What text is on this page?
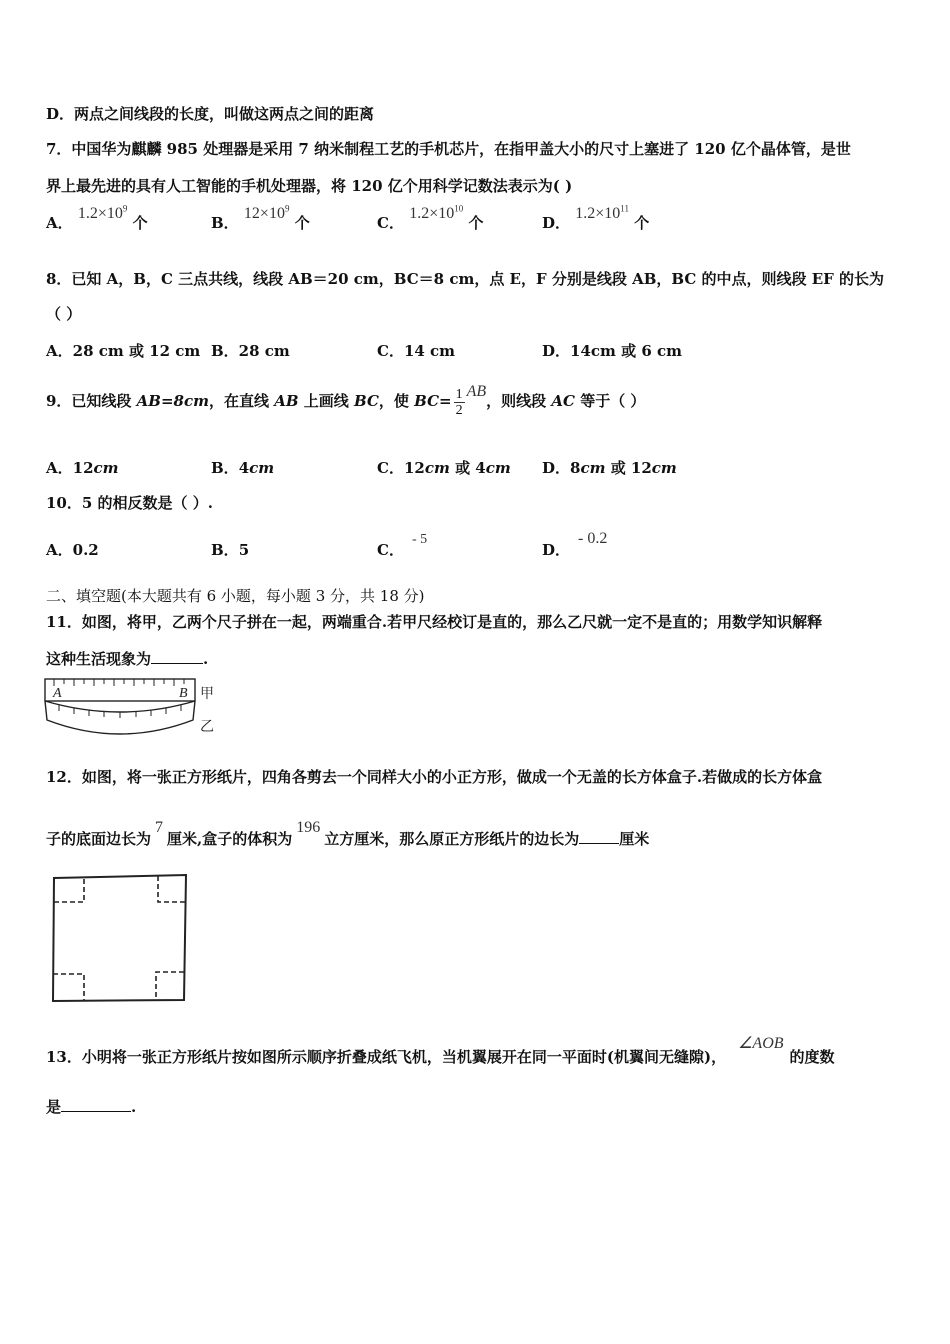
D．两点之间线段的长度，叫做这两点之间的距离
7．中国华为麒麟 985 处理器是采用 7 纳米制程工艺的手机芯片，在指甲盖大小的尺寸上塞进了 120 亿个晶体管，是世
界上最先进的具有人工智能的手机处理器，将 120 亿个用科学记数法表示为( )
A． $1.2\times 10^9$ 个	B． $12\times 10^9$ 个	C． $1.2\times 10^{10}$ 个	D． $1.2\times 10^{11}$ 个
8．已知 A，B，C 三点共线，线段 AB＝20 cm，BC＝8 cm，点 E，F 分别是线段 AB，BC 的中点，则线段 EF 的长为
（ ）
A．28 cm 或 12 cm B．28 cm	C．14 cm	D．14cm 或 6 cm
9．已知线段 AB=8cm，在直线 AB 上画线 BC，使 $BC= \frac{1}{2}$ AB，则线段 AC 等于（ ）
A．12cm	B．4cm	C．12cm 或 4cm D．8cm 或 12cm
10．5 的相反数是（ ）.
A．0.2	B．5	C．- 5
D．- 0.2
二、填空题(本大题共有 6 小题，每小题 3 分，共 18 分)
11．如图，将甲，乙两个尺子拼在一起，两端重合.若甲尺经校订是直的，那么乙尺就一定不是直的；用数学知识解释
这种生活现象为	.
A	B 甲
乙
12．如图，将一张正方形纸片，四角各剪去一个同样大小的小正方形，做成一个无盖的长方体盒子.若做成的长方体盒
子的底面边长为7厘米,盒子的体积为196立方厘米，那么原正方形纸片的边长为	厘米
13．小明将一张正方形纸片按如图所示顺序折叠成纸飞机，当机翼展开在同一平面时(机翼间无缝隙)，∠AOB的度数
是	.
